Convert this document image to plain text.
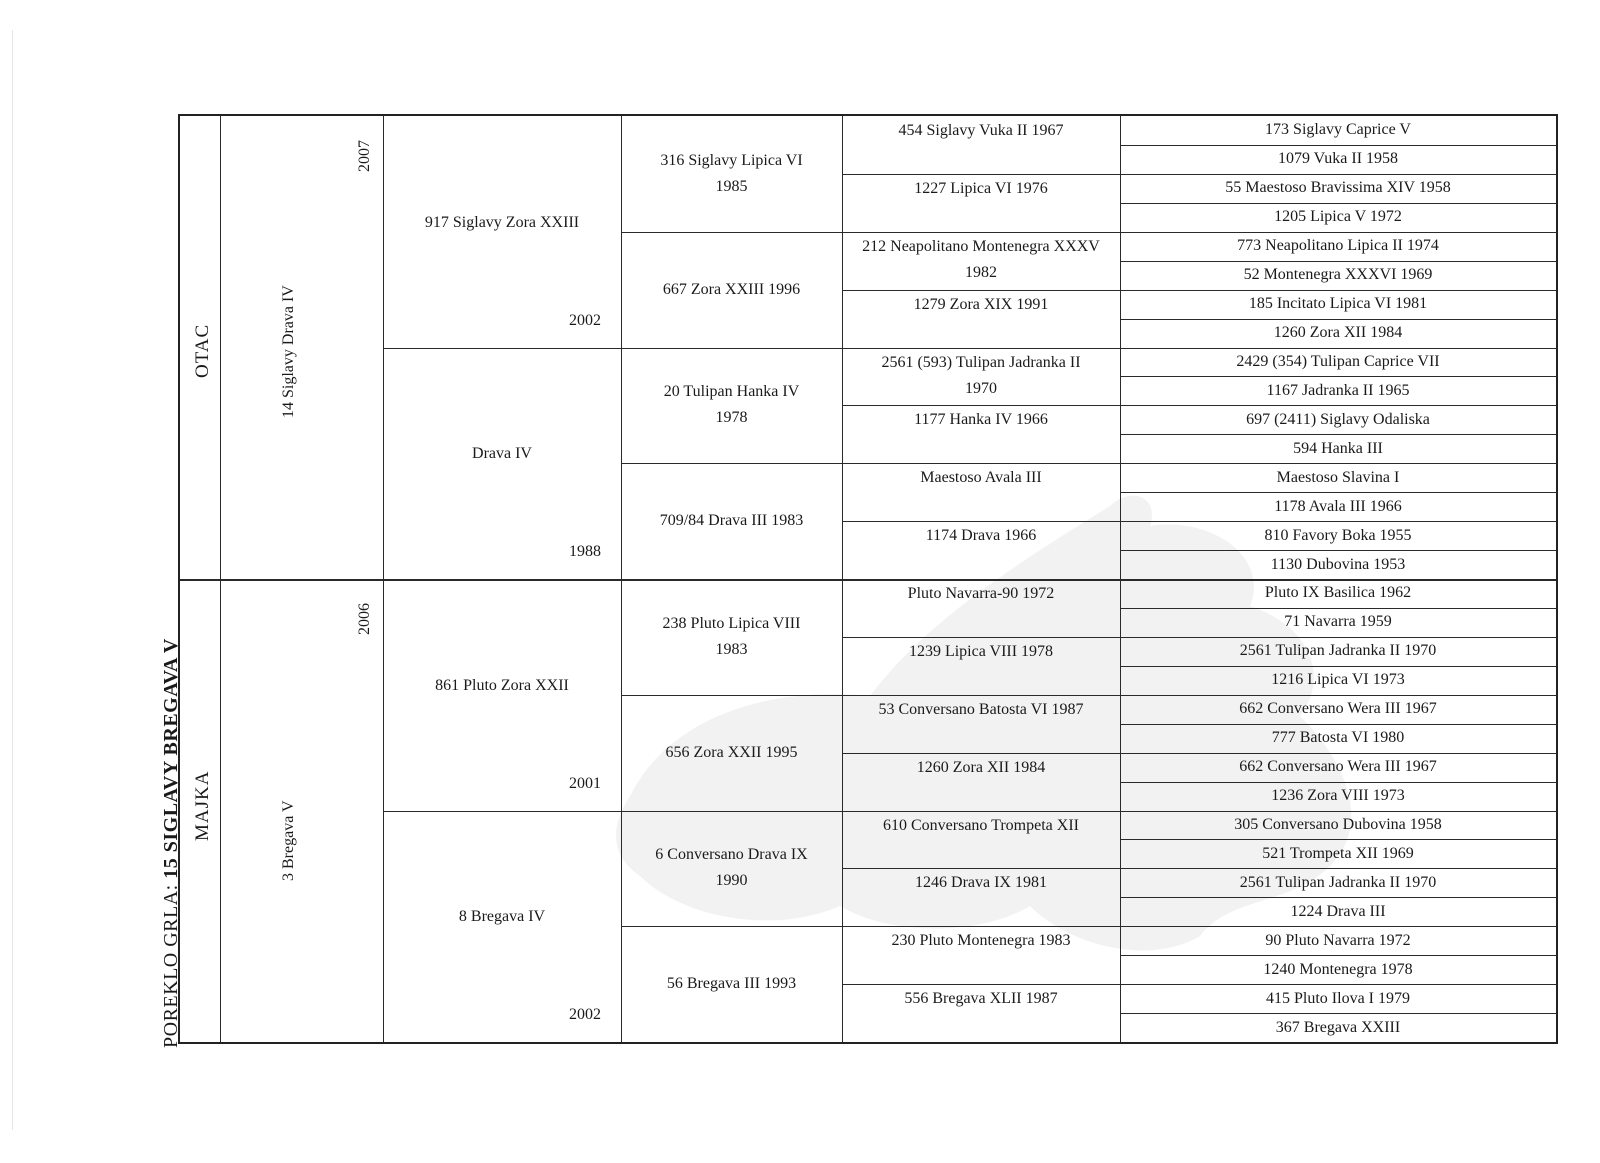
POREKLO GRLA: 15 SIGLAVY BREGAVA V
OTAC
MAJKA
14 Siglavy Drava IV
2007
3 Bregava V
2006
917 Siglavy Zora XXIII
2002
Drava IV
1988
861 Pluto Zora XXII
2001
8 Bregava IV
2002
316 Siglavy Lipica VI
1985
667 Zora XXIII 1996
20 Tulipan Hanka IV
1978
709/84 Drava III 1983
238 Pluto Lipica VIII
1983
656 Zora XXII 1995
6 Conversano Drava IX
1990
56 Bregava III 1993
454 Siglavy Vuka II 1967
1227 Lipica VI 1976
212 Neapolitano Montenegra XXXV
1982
1279 Zora XIX 1991
2561 (593) Tulipan Jadranka II
1970
1177 Hanka IV 1966
Maestoso Avala III
1174 Drava 1966
Pluto Navarra-90 1972
1239 Lipica VIII 1978
53 Conversano Batosta VI 1987
1260 Zora XII 1984
610 Conversano Trompeta XII
1246 Drava IX 1981
230 Pluto Montenegra 1983
556 Bregava XLII 1987
173 Siglavy Caprice V
1079 Vuka II 1958
55 Maestoso Bravissima XIV 1958
1205 Lipica V 1972
773 Neapolitano Lipica II 1974
52 Montenegra XXXVI 1969
185 Incitato Lipica VI 1981
1260 Zora XII 1984
2429 (354) Tulipan Caprice VII
1167 Jadranka II 1965
697 (2411) Siglavy Odaliska
594 Hanka III
Maestoso Slavina I
1178 Avala III 1966
810 Favory Boka 1955
1130 Dubovina 1953
Pluto IX Basilica 1962
71 Navarra 1959
2561 Tulipan Jadranka II 1970
1216 Lipica VI 1973
662 Conversano Wera III 1967
777 Batosta VI 1980
662 Conversano Wera III 1967
1236 Zora VIII 1973
305 Conversano Dubovina 1958
521 Trompeta XII 1969
2561 Tulipan Jadranka II 1970
1224 Drava III
90 Pluto Navarra 1972
1240 Montenegra 1978
415 Pluto Ilova I 1979
367 Bregava XXIII
